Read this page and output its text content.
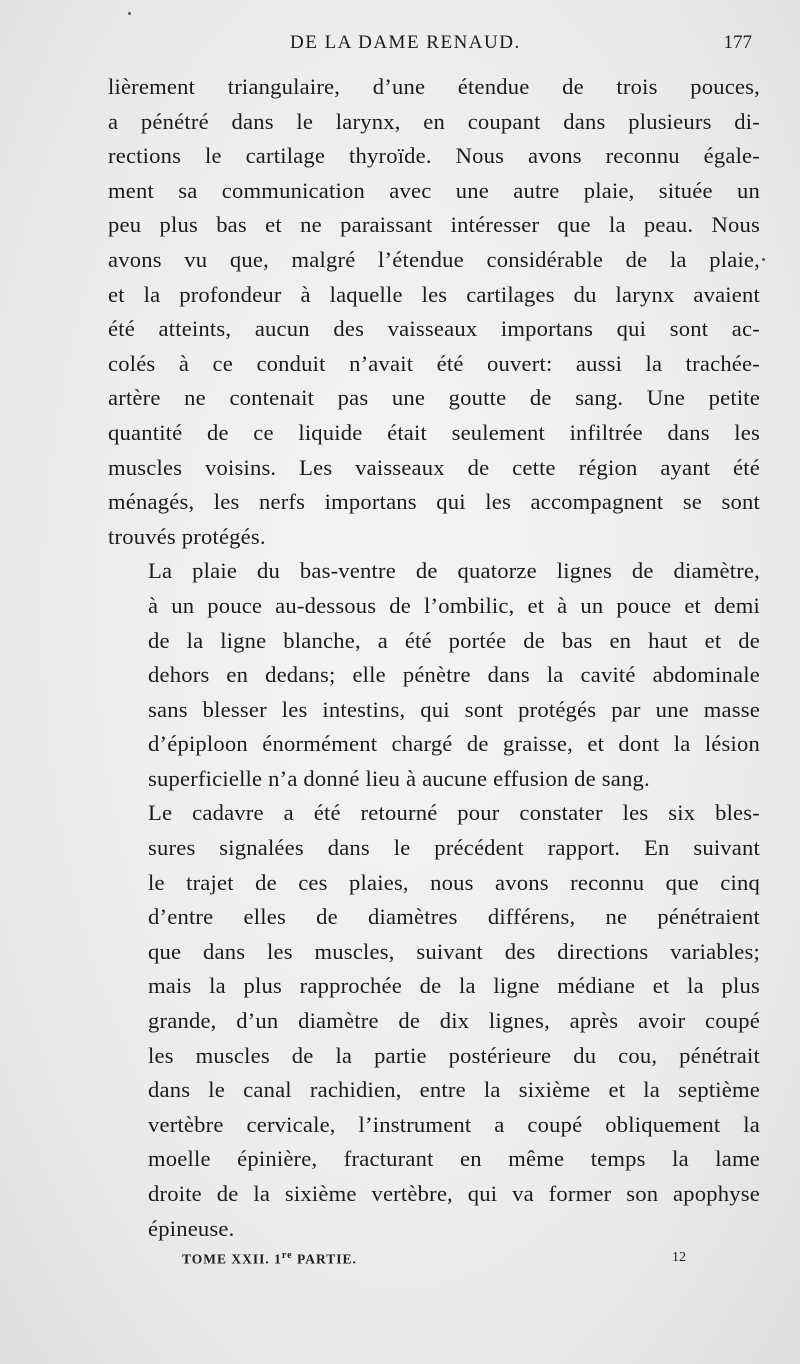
DE LA DAME RENAUD.	177

lièrement triangulaire, d’une étendue de trois pouces,
a pénétré dans le larynx, en coupant dans plusieurs di-
rections le cartilage thyroïde. Nous avons reconnu égale-
ment sa communication avec une autre plaie, située un
peu plus bas et ne paraissant intéresser que la peau. Nous
avons vu que, malgré l’étendue considérable de la plaie,
et la profondeur à laquelle les cartilages du larynx avaient
été atteints, aucun des vaisseaux importans qui sont ac-
colés à ce conduit n’avait été ouvert: aussi la trachée-
artère ne contenait pas une goutte de sang. Une petite
quantité de ce liquide était seulement infiltrée dans les
muscles voisins. Les vaisseaux de cette région ayant été
ménagés, les nerfs importans qui les accompagnent se sont
trouvés protégés.

La plaie du bas-ventre de quatorze lignes de diamètre,
à un pouce au-dessous de l’ombilic, et à un pouce et demi
de la ligne blanche, a été portée de bas en haut et de
dehors en dedans; elle pénètre dans la cavité abdominale
sans blesser les intestins, qui sont protégés par une masse
d’épiploon énormément chargé de graisse, et dont la lésion
superficielle n’a donné lieu à aucune effusion de sang.

Le cadavre a été retourné pour constater les six bles-
sures signalées dans le précédent rapport. En suivant
le trajet de ces plaies, nous avons reconnu que cinq
d’entre elles de diamètres différens, ne pénétraient
que dans les muscles, suivant des directions variables;
mais la plus rapprochée de la ligne médiane et la plus
grande, d’un diamètre de dix lignes, après avoir coupé
les muscles de la partie postérieure du cou, pénétrait
dans le canal rachidien, entre la sixième et la septième
vertèbre cervicale, l’instrument a coupé obliquement la
moelle épinière, fracturant en même temps la lame
droite de la sixième vertèbre, qui va former son apophyse
épineuse.

TOME XXII. 1re PARTIE.	12
